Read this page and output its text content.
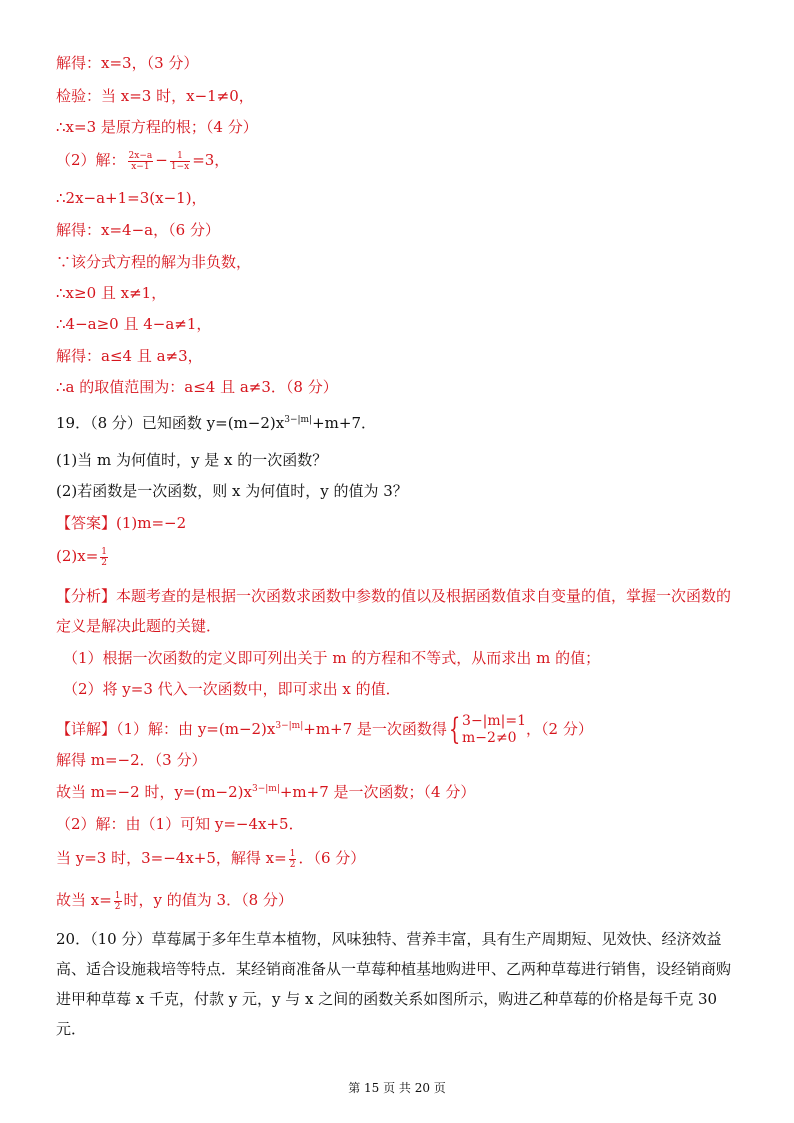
解得：x=3，（3 分）
检验：当 x=3 时，x−1≠0，
∴x=3 是原方程的根；（4 分）
（2）解： $\frac{2x-a}{x-1} - \frac{1}{1-x} =3$，
∴2x−a+1=3(x−1)，
解得：x=4−a，（6 分）
∵该分式方程的解为非负数，
∴x≥0 且 x≠1，
∴4−a≥0 且 4−a≠1，
解得：a≤4 且 a≠3，
∴a 的取值范围为：a≤4 且 a≠3．（8 分）
19．（8 分）已知函数 $y=(m-2)x^{3-|m|}+m+7$．
(1)当 m 为何值时，y 是 x 的一次函数？
(2)若函数是一次函数，则 x 为何值时，y 的值为 3？
【答案】(1)m=−2
$(2)x= \frac{1}{2}$
【分析】本题考查的是根据一次函数求函数中参数的值以及根据函数值求自变量的值，掌握一次函数的定义是解决此题的关键．
（1）根据一次函数的定义即可列出关于 m 的方程和不等式，从而求出 m 的值；
（2）将 y=3 代入一次函数中，即可求出 x 的值．
【详解】（1）解：由 $y=(m-2)x^{3-|m|}+m+7$ 是一次函数得{ 3−|m|=1
m−2≠0 ，（2 分）
解得 m=−2．（3 分）
故当 m=−2 时，$y=(m-2)x^{3-|m|}+m+7$ 是一次函数；（4 分）
（2）解：由（1）可知 y=−4x+5．
当 y=3 时，3=−4x+5，解得 $x= \frac{1}{2}$ ．（6 分）
故当 $x= \frac{1}{2}$ 时，y 的值为 3．（8 分）
20．（10 分）草莓属于多年生草本植物，风味独特、营养丰富，具有生产周期短、见效快、经济效益高、适合设施栽培等特点．某经销商准备从一草莓种植基地购进甲、乙两种草莓进行销售，设经销商购进甲种草莓 x 千克，付款 y 元，y 与 x 之间的函数关系如图所示，购进乙种草莓的价格是每千克 30 元．
第 15 页 共 20 页
